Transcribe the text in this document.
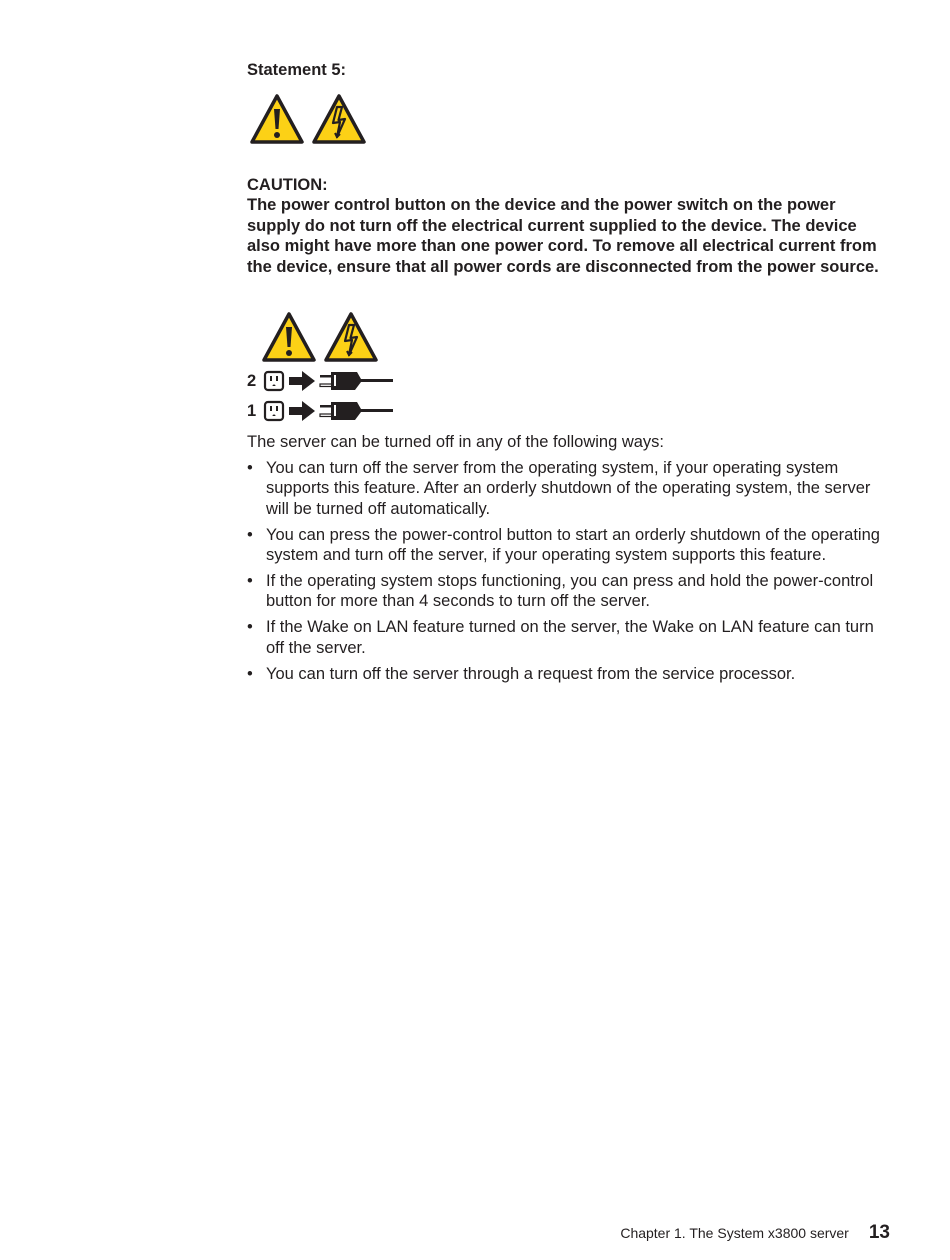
Statement 5:
CAUTION:
The power control button on the device and the power switch on the power supply do not turn off the electrical current supplied to the device. The device also might have more than one power cord. To remove all electrical current from the device, ensure that all power cords are disconnected from the power source.
2
1
The server can be turned off in any of the following ways:
• You can turn off the server from the operating system, if your operating system supports this feature. After an orderly shutdown of the operating system, the server will be turned off automatically.
• You can press the power-control button to start an orderly shutdown of the operating system and turn off the server, if your operating system supports this feature.
• If the operating system stops functioning, you can press and hold the power-control button for more than 4 seconds to turn off the server.
• If the Wake on LAN feature turned on the server, the Wake on LAN feature can turn off the server.
• You can turn off the server through a request from the service processor.
Chapter 1. The System x3800 server 13
